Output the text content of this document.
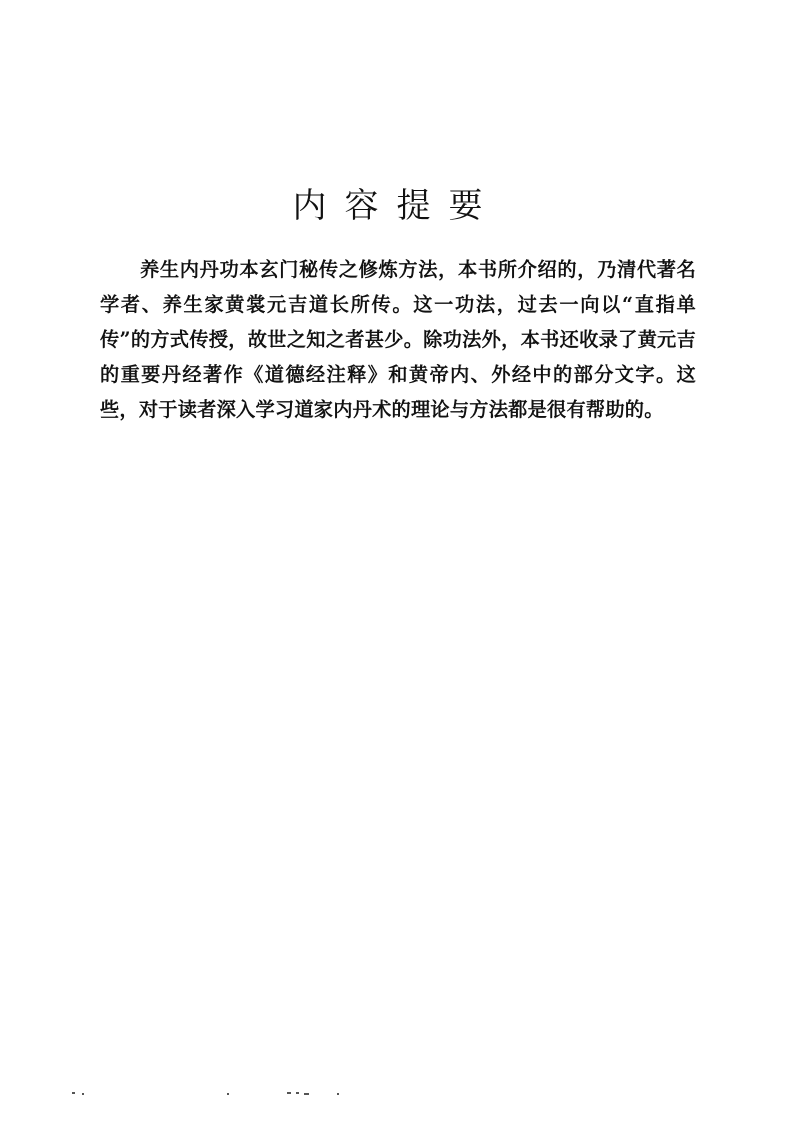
内容提要

养生内丹功本玄门秘传之修炼方法，本书所介绍的，乃清代著名学者、养生家黄裳元吉道长所传。这一功法，过去一向以“直指单传”的方式传授，故世之知之者甚少。除功法外，本书还收录了黄元吉的重要丹经著作《道德经注释》和黄帝内、外经中的部分文字。这些，对于读者深入学习道家内丹术的理论与方法都是很有帮助的。
